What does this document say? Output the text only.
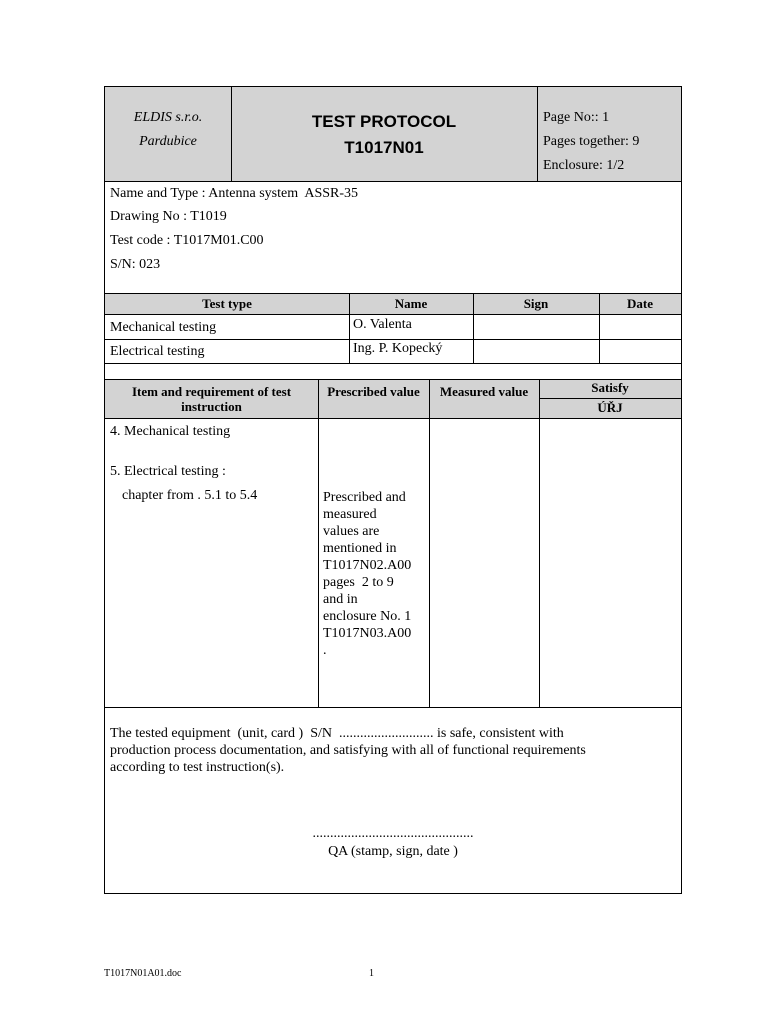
ELDIS s.r.o.
Pardubice
TEST PROTOCOL
T1017N01
Page No:: 1
Pages together: 9
Enclosure: 1/2
Name and Type : Antenna system  ASSR-35
Drawing No : T1019
Test code : T1017M01.C00
S/N: 023
Test type	Name	Sign	Date
Mechanical testing	O. Valenta
Electrical testing	Ing. P. Kopecký
Item and requirement of test
instruction
Prescribed value	Measured value	Satisfy
ÚŘJ
4. Mechanical testing
5. Electrical testing :
chapter from . 5.1 to 5.4	Prescribed and
measured
values are
mentioned in
T1017N02.A00
pages  2 to 9
and in
enclosure No. 1
T1017N03.A00
.
The tested equipment  (unit, card )  S/N  ........................... is safe, consistent with
production process documentation, and satisfying with all of functional requirements
according to test instruction(s).
..............................................
QA (stamp, sign, date )
T1017N01A01.doc	1
